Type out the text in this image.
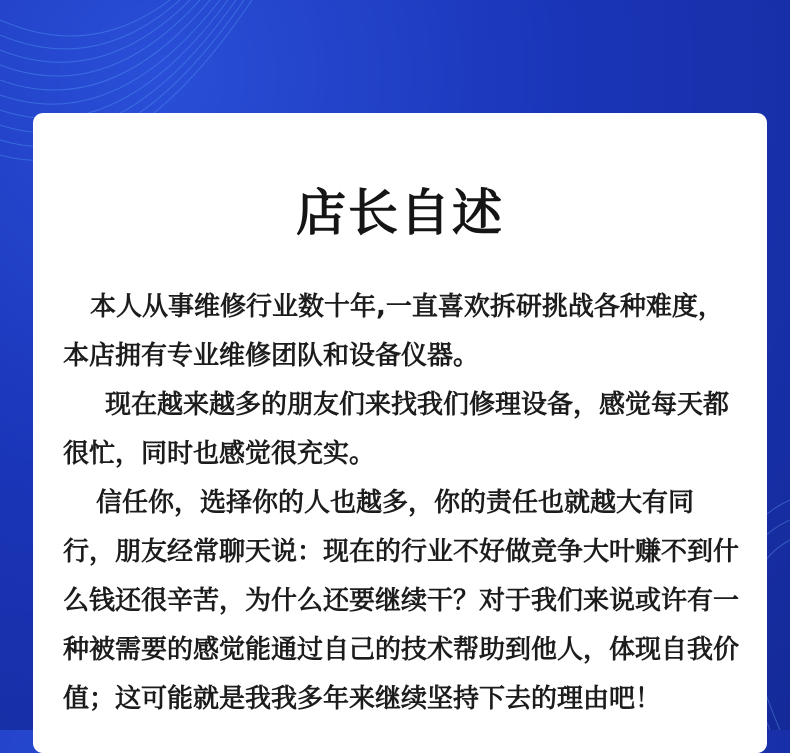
店长自述

本人从事维修行业数十年,一直喜欢拆研挑战各种难度，本店拥有专业维修团队和设备仪器。

现在越来越多的朋友们来找我们修理设备，感觉每天都很忙，同时也感觉很充实。

信任你，选择你的人也越多，你的责任也就越大有同行，朋友经常聊天说：现在的行业不好做竞争大叶赚不到什么钱还很辛苦，为什么还要继续干？对于我们来说或许有一种被需要的感觉能通过自己的技术帮助到他人，体现自我价值；这可能就是我我多年来继续坚持下去的理由吧！
